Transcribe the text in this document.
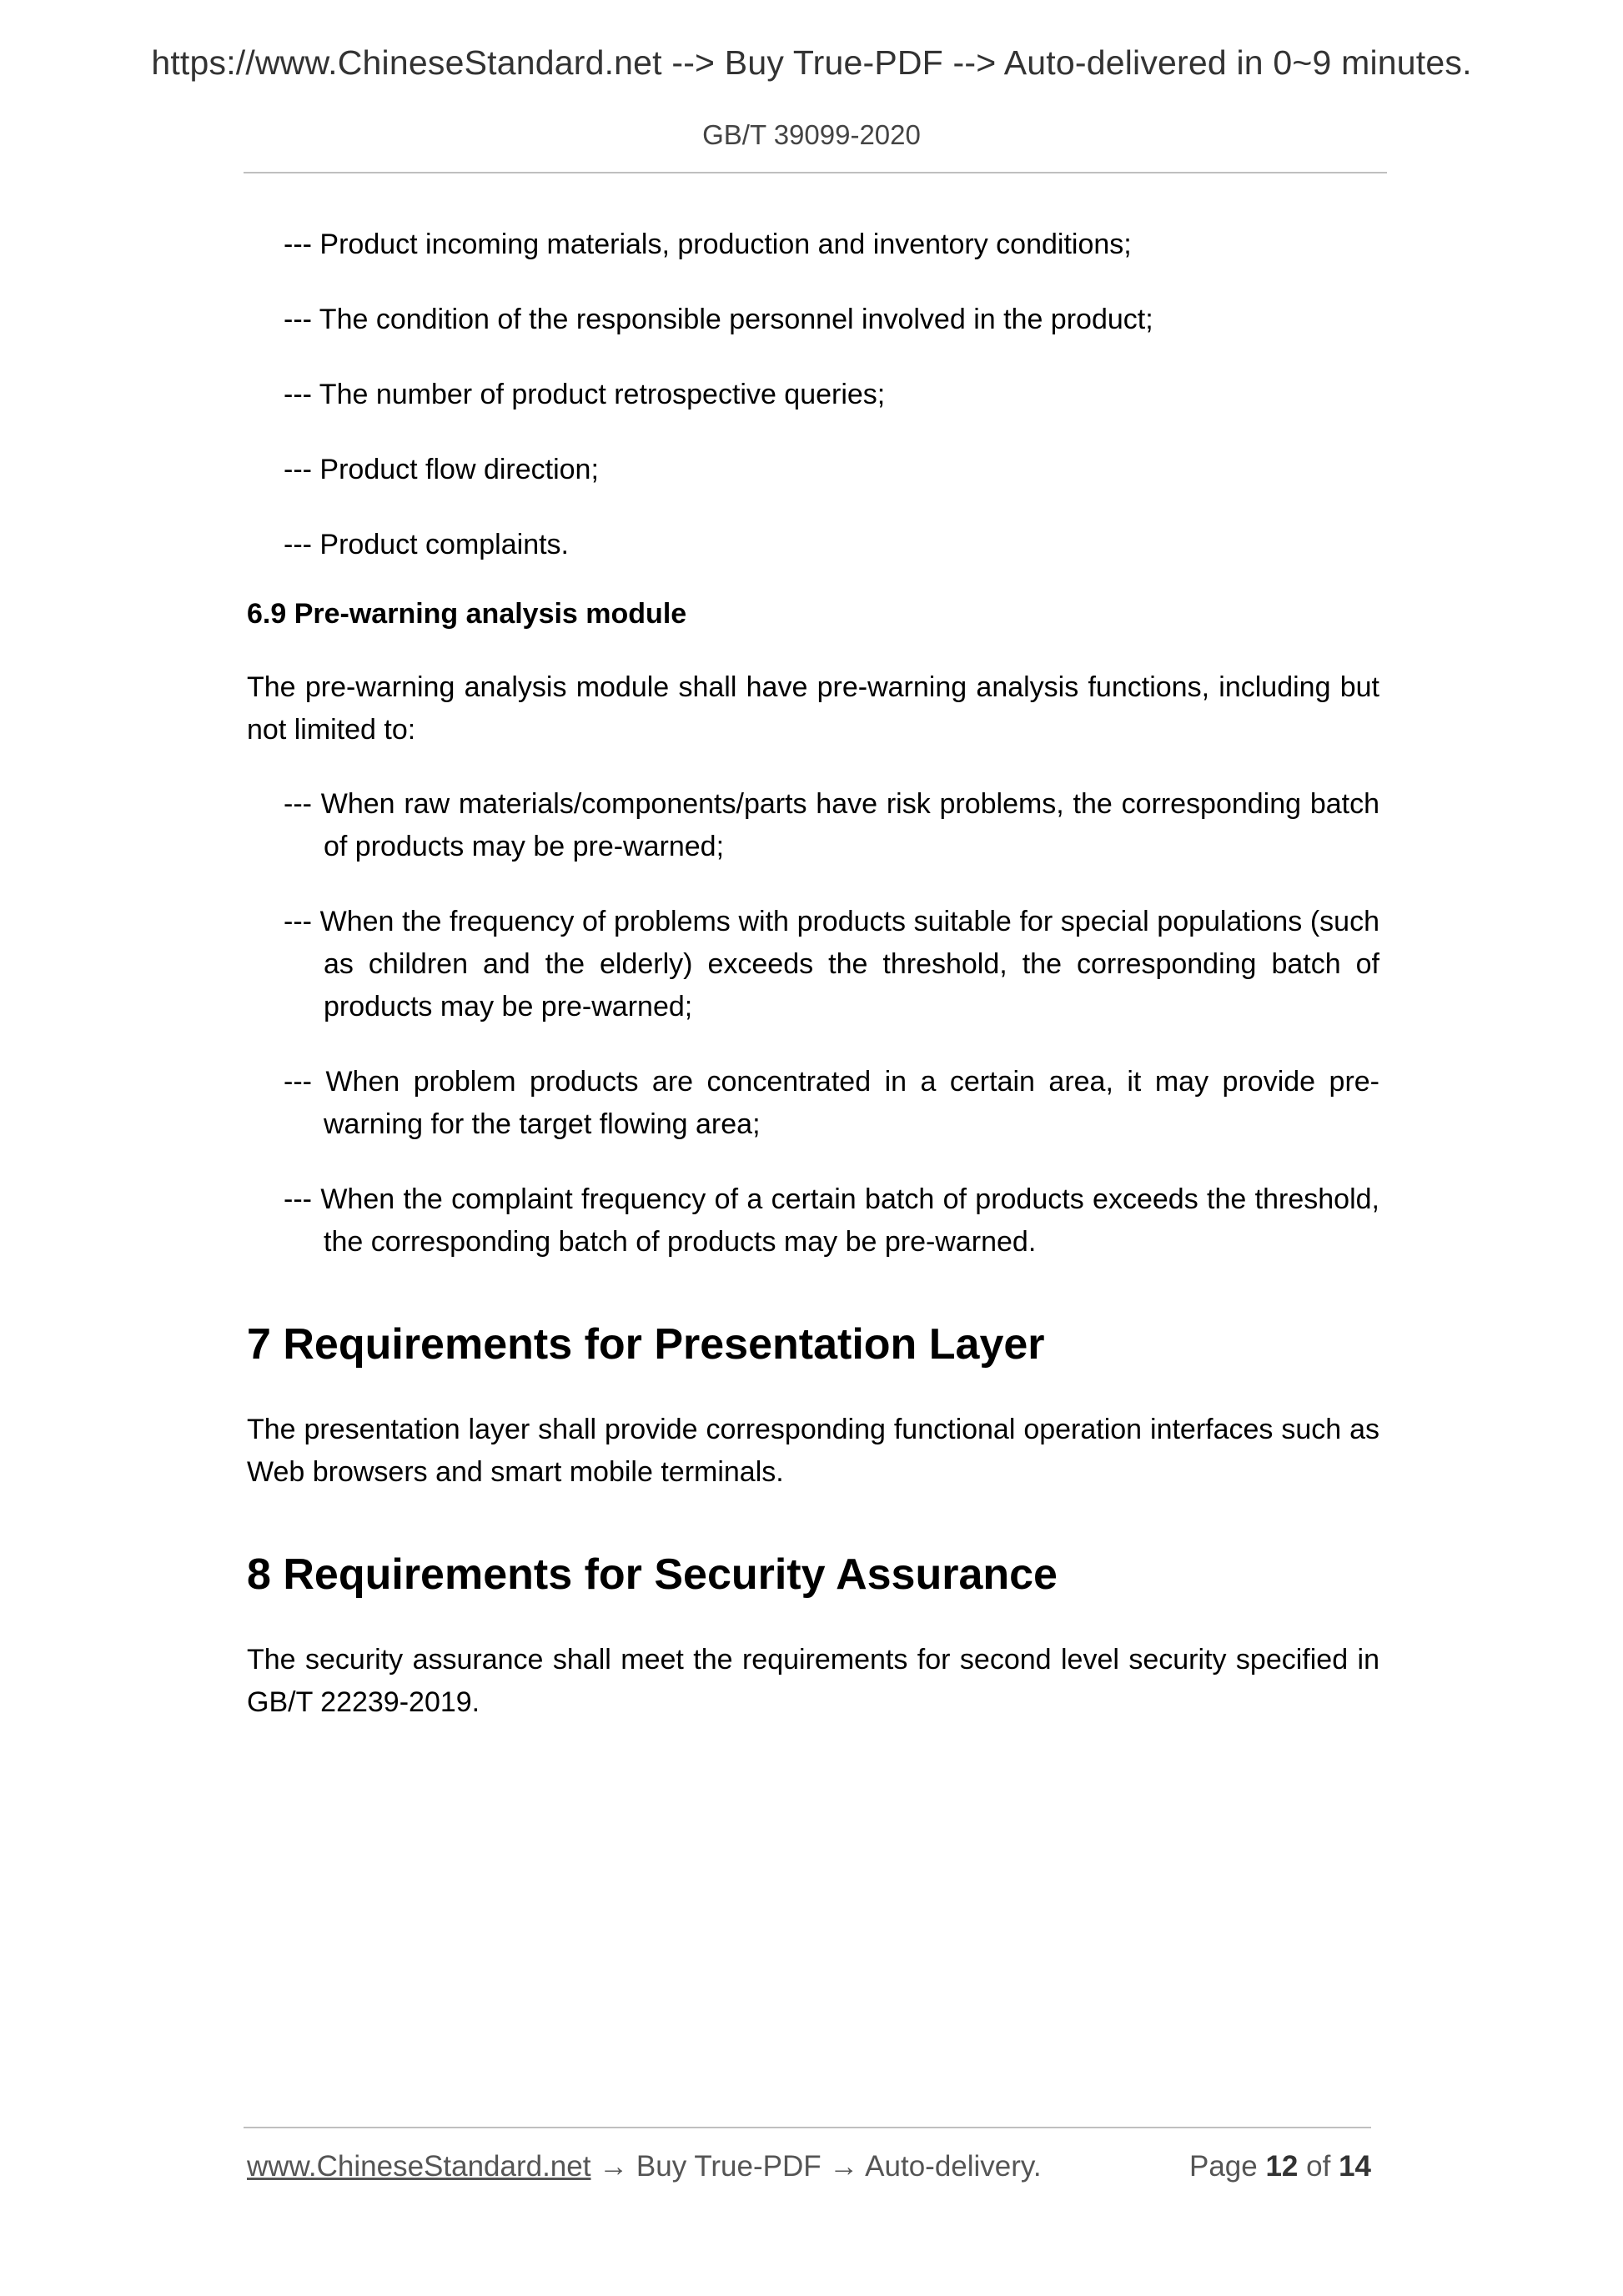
https://www.ChineseStandard.net --> Buy True-PDF --> Auto-delivered in 0~9 minutes.
GB/T 39099-2020

--- Product incoming materials, production and inventory conditions;

--- The condition of the responsible personnel involved in the product;

--- The number of product retrospective queries;

--- Product flow direction;

--- Product complaints.

6.9 Pre-warning analysis module

The pre-warning analysis module shall have pre-warning analysis functions, including but not limited to:

--- When raw materials/components/parts have risk problems, the corresponding batch of products may be pre-warned;

--- When the frequency of problems with products suitable for special populations (such as children and the elderly) exceeds the threshold, the corresponding batch of products may be pre-warned;

--- When problem products are concentrated in a certain area, it may provide pre-warning for the target flowing area;

--- When the complaint frequency of a certain batch of products exceeds the threshold, the corresponding batch of products may be pre-warned.

7 Requirements for Presentation Layer

The presentation layer shall provide corresponding functional operation interfaces such as Web browsers and smart mobile terminals.

8 Requirements for Security Assurance

The security assurance shall meet the requirements for second level security specified in GB/T 22239-2019.

www.ChineseStandard.net → Buy True-PDF → Auto-delivery.	Page 12 of 14
